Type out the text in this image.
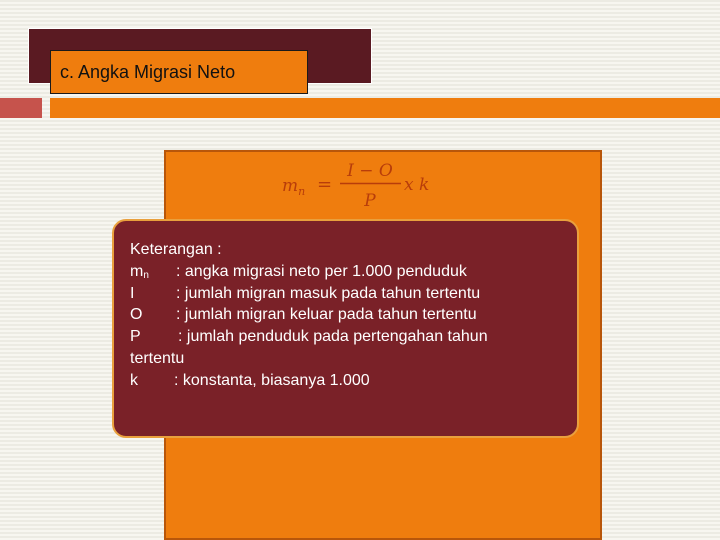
c. Angka Migrasi Neto
$m_n$ =
I − O
P
x k
Keterangan :
$m_n$ : angka migrasi neto per 1.000 penduduk
I	: jumlah migran masuk pada tahun tertentu
O : jumlah migran keluar pada tahun tertentu
P : jumlah penduduk pada pertengahan tahun
tertentu
k : konstanta, biasanya 1.000
